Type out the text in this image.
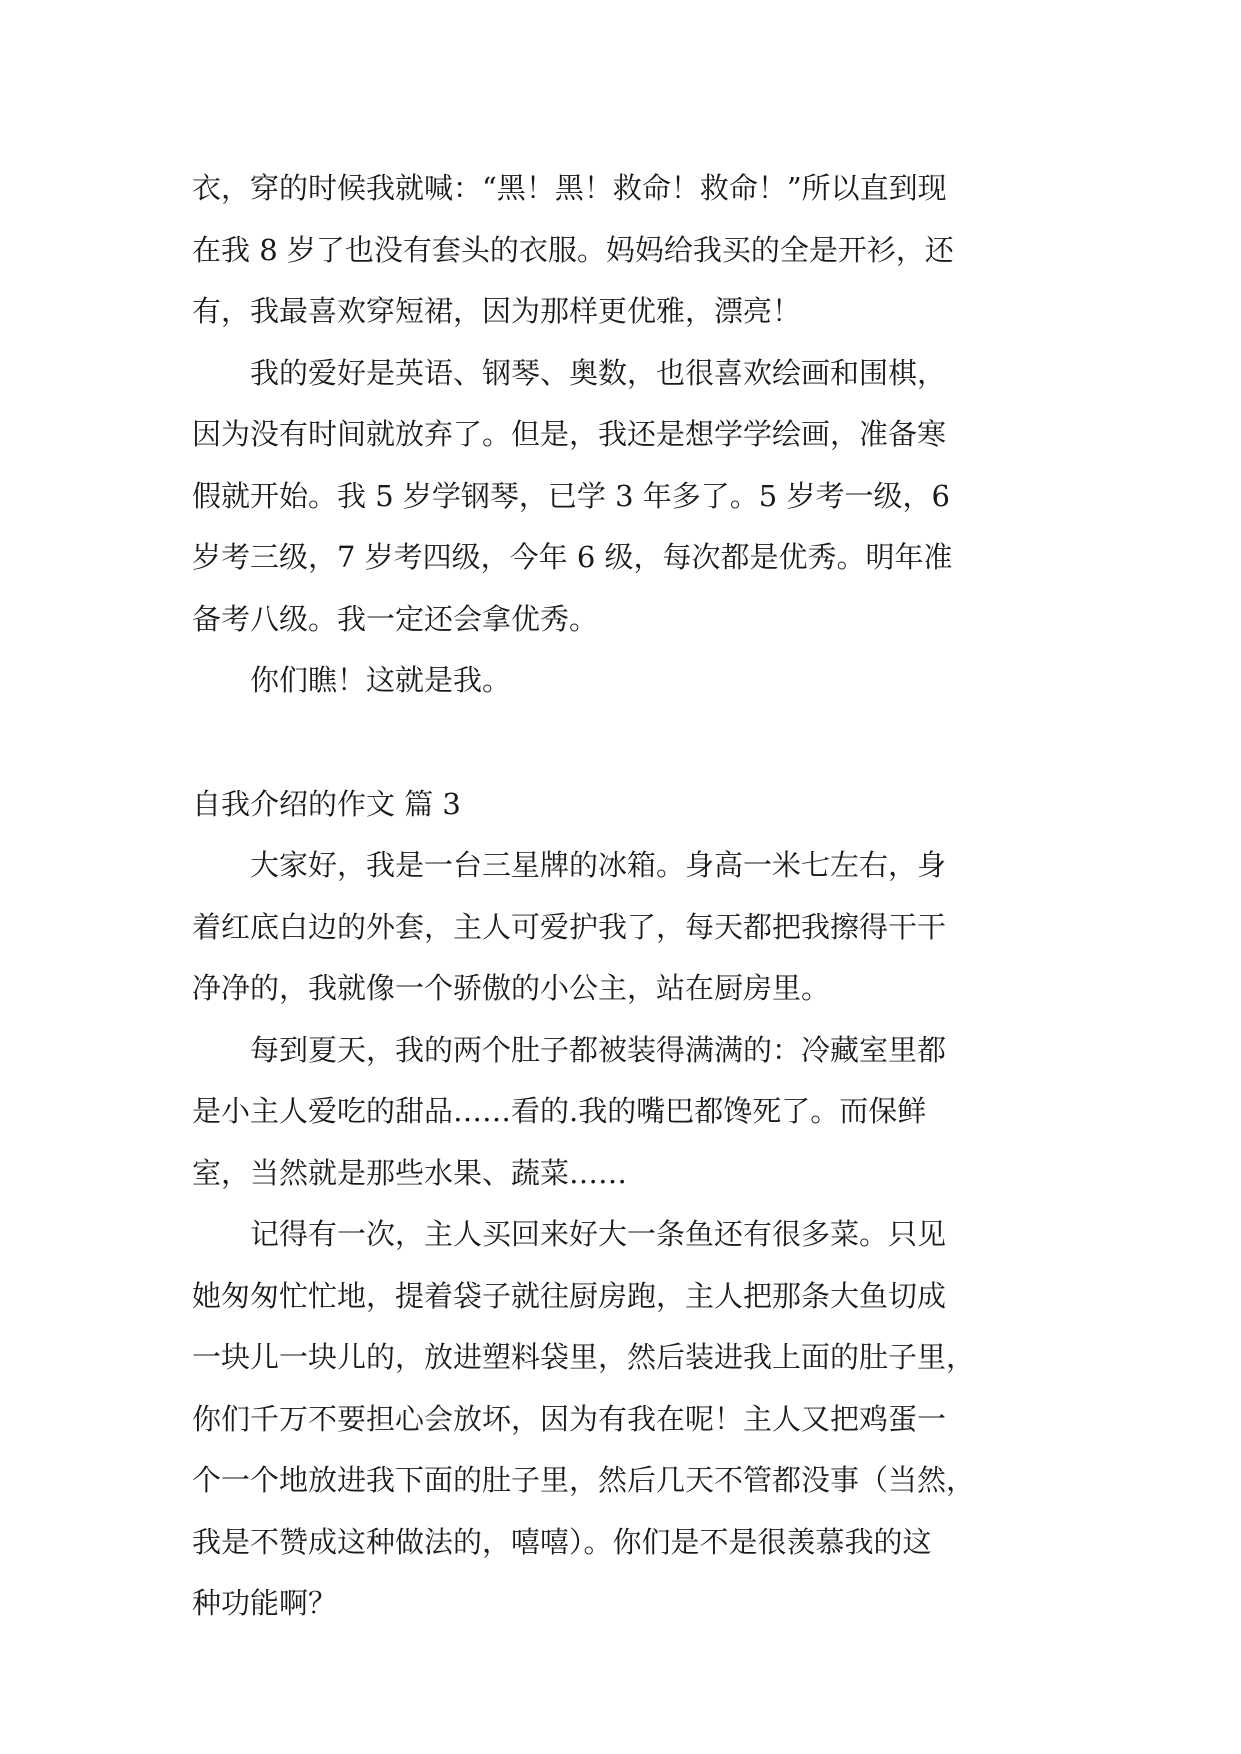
衣，穿的时候我就喊：“黑！黑！救命！救命！”所以直到现
在我 8 岁了也没有套头的衣服。妈妈给我买的全是开衫，还
有，我最喜欢穿短裙，因为那样更优雅，漂亮！
　　我的爱好是英语、钢琴、奥数，也很喜欢绘画和围棋，
因为没有时间就放弃了。但是，我还是想学学绘画，准备寒
假就开始。我 5 岁学钢琴，已学 3 年多了。5 岁考一级，6
岁考三级，7 岁考四级，今年 6 级，每次都是优秀。明年准
备考八级。我一定还会拿优秀。
　　你们瞧！这就是我。
自我介绍的作文 篇 3
　　大家好，我是一台三星牌的冰箱。身高一米七左右，身
着红底白边的外套，主人可爱护我了，每天都把我擦得干干
净净的，我就像一个骄傲的小公主，站在厨房里。
　　每到夏天，我的两个肚子都被装得满满的：冷藏室里都
是小主人爱吃的甜品……看的.我的嘴巴都馋死了。而保鲜
室，当然就是那些水果、蔬菜……
　　记得有一次，主人买回来好大一条鱼还有很多菜。只见
她匆匆忙忙地，提着袋子就往厨房跑，主人把那条大鱼切成
一块儿一块儿的，放进塑料袋里，然后装进我上面的肚子里，
你们千万不要担心会放坏，因为有我在呢！主人又把鸡蛋一
个一个地放进我下面的肚子里，然后几天不管都没事（当然，
我是不赞成这种做法的，嘻嘻）。你们是不是很羡慕我的这
种功能啊？
